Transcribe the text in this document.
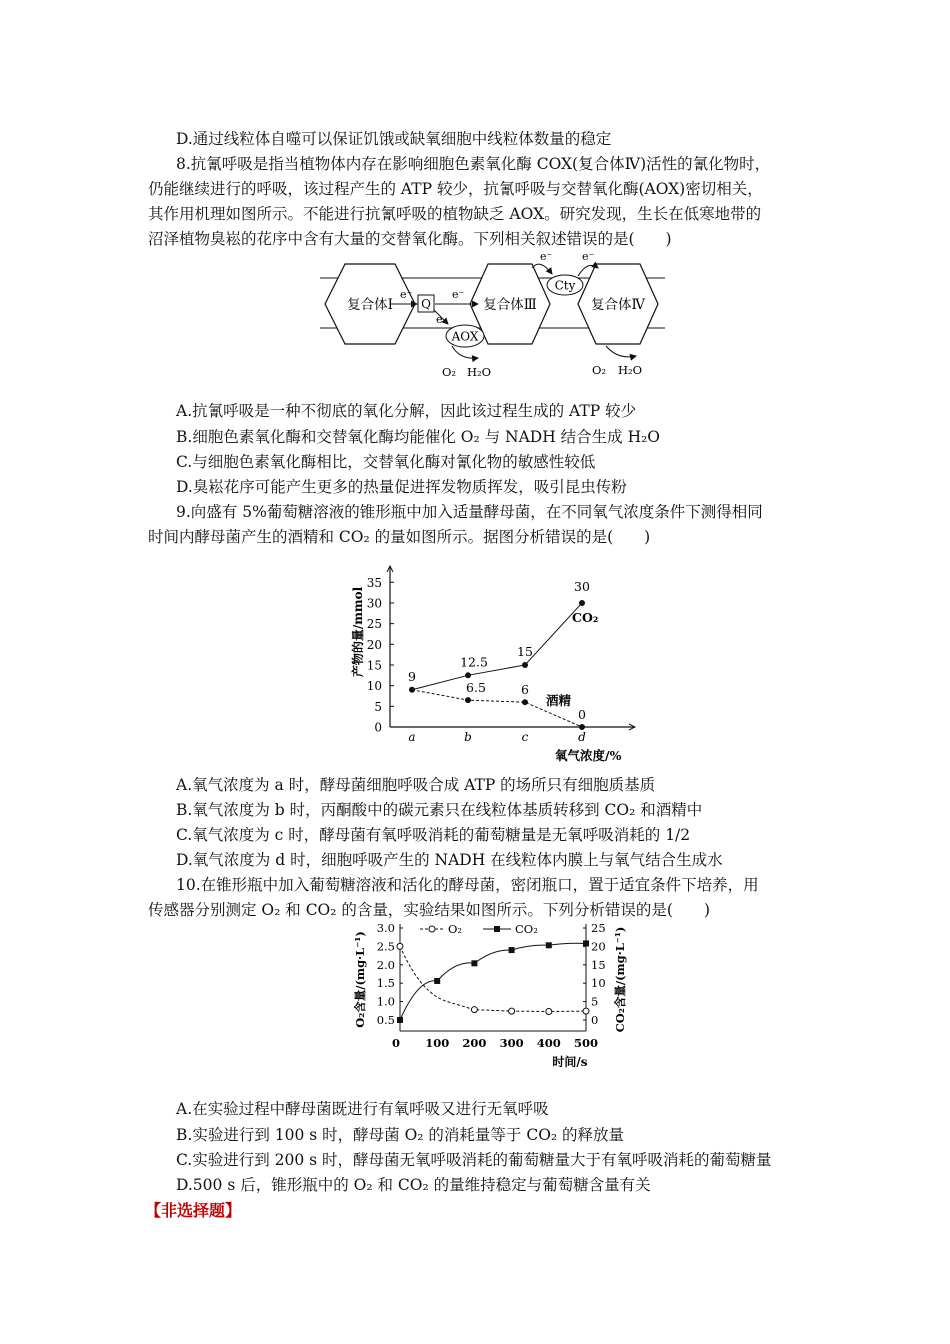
D.通过线粒体自噬可以保证饥饿或缺氧细胞中线粒体数量的稳定
8.抗氰呼吸是指当植物体内存在影响细胞色素氧化酶 COX(复合体Ⅳ)活性的氰化物时，
仍能继续进行的呼吸，该过程产生的 ATP 较少，抗氰呼吸与交替氧化酶(AOX)密切相关，
其作用机理如图所示。不能进行抗氰呼吸的植物缺乏 AOX。研究发现，生长在低寒地带的
沼泽植物臭崧的花序中含有大量的交替氧化酶。下列相关叙述错误的是(　　)
复合体Ⅰ	复合体Ⅲ	复合体Ⅳ
Q
e⁻	e⁻
e
AOX
O₂ H₂O
Cty
e⁻	e⁻
O₂ H₂O
A.抗氰呼吸是一种不彻底的氧化分解，因此该过程生成的 ATP 较少
B.细胞色素氧化酶和交替氧化酶均能催化 O₂ 与 NADH 结合生成 H₂O
C.与细胞色素氧化酶相比，交替氧化酶对氰化物的敏感性较低
D.臭崧花序可能产生更多的热量促进挥发物质挥发，吸引昆虫传粉
9.向盛有 5%葡萄糖溶液的锥形瓶中加入适量酵母菌，在不同氧气浓度条件下测得相同
时间内酵母菌产生的酒精和 CO₂ 的量如图所示。据图分析错误的是(　　)
0
5
10
15
20
25
30
35
a	b	c	d
氧气浓度/%
产物的量/mmol	9
12.5
15
30
6.5	6
0
CO₂
酒精
A.氧气浓度为 a 时，酵母菌细胞呼吸合成 ATP 的场所只有细胞质基质
B.氧气浓度为 b 时，丙酮酸中的碳元素只在线粒体基质转移到 CO₂ 和酒精中
C.氧气浓度为 c 时，酵母菌有氧呼吸消耗的葡萄糖量是无氧呼吸消耗的 1/2
D.氧气浓度为 d 时，细胞呼吸产生的 NADH 在线粒体内膜上与氧气结合生成水
10.在锥形瓶中加入葡萄糖溶液和活化的酵母菌，密闭瓶口，置于适宜条件下培养，用
传感器分别测定 O₂ 和 CO₂ 的含量，实验结果如图所示。下列分析错误的是(　　)
0.5
1.0
1.5
2.0
2.5
3.0
0
5
10
15
20
25
0 100 200 300 400 500
时间/s
O₂含量/(mg·L⁻¹)	CO₂含量/(mg·L⁻¹)
O₂	CO₂
A.在实验过程中酵母菌既进行有氧呼吸又进行无氧呼吸
B.实验进行到 100 s 时，酵母菌 O₂ 的消耗量等于 CO₂ 的释放量
C.实验进行到 200 s 时，酵母菌无氧呼吸消耗的葡萄糖量大于有氧呼吸消耗的葡萄糖量
D.500 s 后，锥形瓶中的 O₂ 和 CO₂ 的量维持稳定与葡萄糖含量有关
【非选择题】
